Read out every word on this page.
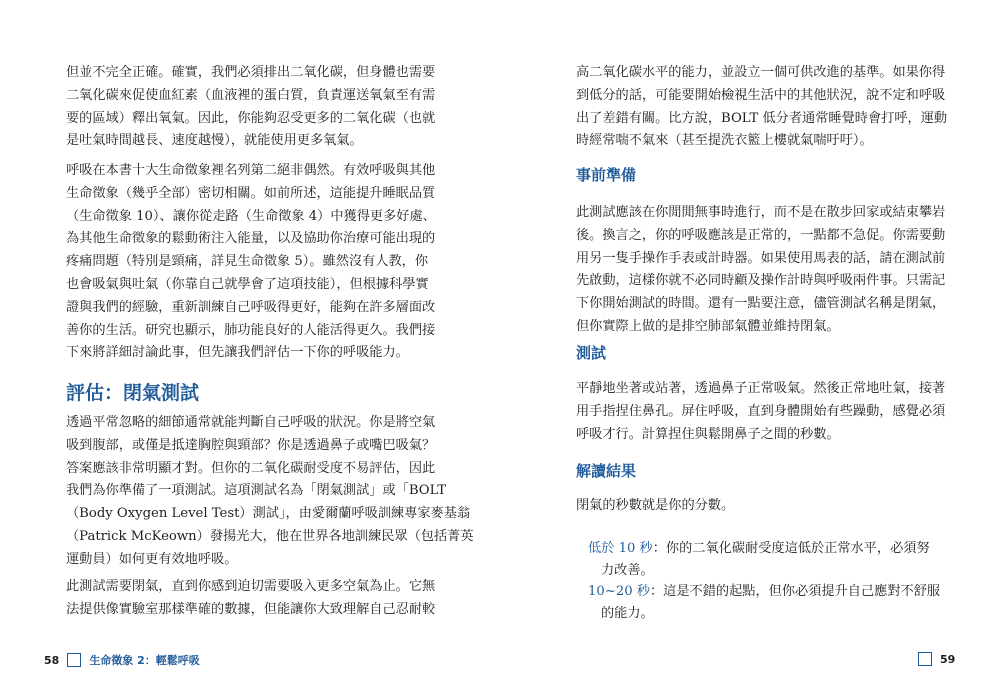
但並不完全正確。確實，我們必須排出二氧化碳，但身體也需要
二氧化碳來促使血紅素（血液裡的蛋白質，負責運送氧氣至有需
要的區域）釋出氧氣。因此，你能夠忍受更多的二氧化碳（也就
是吐氣時間越長、速度越慢），就能使用更多氧氣。

呼吸在本書十大生命徵象裡名列第二絕非偶然。有效呼吸與其他
生命徵象（幾乎全部）密切相關。如前所述，這能提升睡眠品質
（生命徵象 10）、讓你從走路（生命徵象 4）中獲得更多好處、
為其他生命徵象的鬆動術注入能量，以及協助你治療可能出現的
疼痛問題（特別是頸痛，詳見生命徵象 5）。雖然沒有人教，你
也會吸氣與吐氣（你靠自己就學會了這項技能），但根據科學實
證與我們的經驗，重新訓練自己呼吸得更好，能夠在許多層面改
善你的生活。研究也顯示，肺功能良好的人能活得更久。我們接
下來將詳細討論此事，但先讓我們評估一下你的呼吸能力。

評估：閉氣測試

透過平常忽略的細節通常就能判斷自己呼吸的狀況。你是將空氣
吸到腹部，或僅是抵達胸腔與頸部？你是透過鼻子或嘴巴吸氣？
答案應該非常明顯才對。但你的二氧化碳耐受度不易評估，因此
我們為你準備了一項測試。這項測試名為「閉氣測試」或「BOLT
（Body Oxygen Level Test）測試」，由愛爾蘭呼吸訓練專家麥基翁
（Patrick McKeown）發揚光大，他在世界各地訓練民眾（包括菁英
運動員）如何更有效地呼吸。

此測試需要閉氣，直到你感到迫切需要吸入更多空氣為止。它無
法提供像實驗室那樣準確的數據，但能讓你大致理解自己忍耐較

58	生命徵象 2：輕鬆呼吸

高二氧化碳水平的能力，並設立一個可供改進的基準。如果你得
到低分的話，可能要開始檢視生活中的其他狀況，說不定和呼吸
出了差錯有關。比方說，BOLT 低分者通常睡覺時會打呼，運動
時經常喘不氣來（甚至提洗衣籃上樓就氣喘吁吁）。

事前準備

此測試應該在你閒閒無事時進行，而不是在散步回家或結束攀岩
後。換言之，你的呼吸應該是正常的，一點都不急促。你需要動
用另一隻手操作手表或計時器。如果使用馬表的話，請在測試前
先啟動，這樣你就不必同時顧及操作計時與呼吸兩件事。只需記
下你開始測試的時間。還有一點要注意，儘管測試名稱是閉氣，
但你實際上做的是排空肺部氣體並維持閉氣。

測試

平靜地坐著或站著，透過鼻子正常吸氣。然後正常地吐氣，接著
用手指捏住鼻孔。屏住呼吸，直到身體開始有些躁動，感覺必須
呼吸才行。計算捏住與鬆開鼻子之間的秒數。

解讀結果

閉氣的秒數就是你的分數。

低於 10 秒：你的二氧化碳耐受度這低於正常水平，必須努
力改善。
10~20 秒：這是不錯的起點，但你必須提升自己應對不舒服
的能力。
59
